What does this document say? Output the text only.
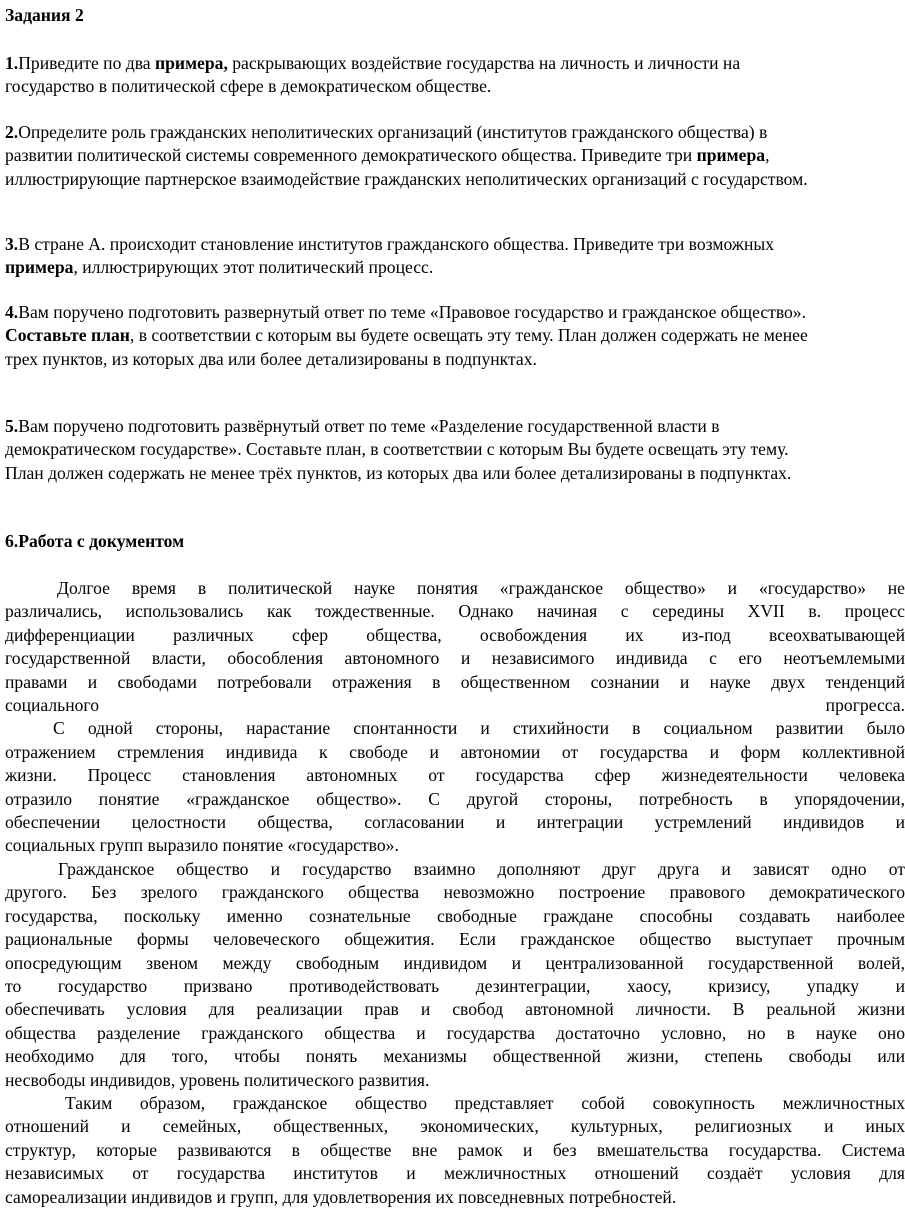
Задания 2
1.Приведите по два примера, раскрывающих воздействие государства на личность и личности на государство в политической сфере в демократическом обществе.
2.Определите роль гражданских неполитических организаций (институтов гражданского общества) в развитии политической системы современного демократического общества. Приведите три примера, иллюстрирующие партнерское взаимодействие гражданских неполитических организаций с государством.
3.В стране А. происходит становление институтов гражданского общества. Приведите три возможных примера, иллюстрирующих этот политический процесс.
4.Вам поручено подготовить развернутый ответ по теме «Правовое государство и гражданское общество». Составьте план, в соответствии с которым вы будете освещать эту тему. План должен содержать не менее трех пунктов, из которых два или более детализированы в подпунктах.
5.Вам поручено подготовить развёрнутый ответ по теме «Разделение государственной власти в демократическом государстве». Составьте план, в соответствии с которым Вы будете освещать эту тему. План должен содержать не менее трёх пунктов, из которых два или более детализированы в подпунктах.
6.Работа с документом
Долгое время в политической науке понятия «гражданское общество» и «государство» не
различались, использовались как тождественные. Однако начиная с середины XVII в. процесс
дифференциации различных сфер общества, освобождения их из-под всеохватывающей
государственной власти, обособления автономного и независимого индивида с его неотъемлемыми
правами и свободами потребовали отражения в общественном сознании и науке двух тенденций
социального прогресса.
С одной стороны, нарастание спонтанности и стихийности в социальном развитии было
отражением стремления индивида к свободе и автономии от государства и форм коллективной
жизни. Процесс становления автономных от государства сфер жизнедеятельности человека
отразило понятие «гражданское общество». С другой стороны, потребность в упорядочении,
обеспечении целостности общества, согласовании и интеграции устремлений индивидов и
социальных групп выразило понятие «государство».
Гражданское общество и государство взаимно дополняют друг друга и зависят одно от
другого. Без зрелого гражданского общества невозможно построение правового демократического
государства, поскольку именно сознательные свободные граждане способны создавать наиболее
рациональные формы человеческого общежития. Если гражданское общество выступает прочным
опосредующим звеном между свободным индивидом и централизованной государственной волей,
то государство призвано противодействовать дезинтеграции, хаосу, кризису, упадку и
обеспечивать условия для реализации прав и свобод автономной личности. В реальной жизни
общества разделение гражданского общества и государства достаточно условно, но в науке оно
необходимо для того, чтобы понять механизмы общественной жизни, степень свободы или
несвободы индивидов, уровень политического развития.
Таким образом, гражданское общество представляет собой совокупность межличностных
отношений и семейных, общественных, экономических, культурных, религиозных и иных
структур, которые развиваются в обществе вне рамок и без вмешательства государства. Система
независимых от государства институтов и межличностных отношений создаёт условия для
самореализации индивидов и групп, для удовлетворения их повседневных потребностей.
